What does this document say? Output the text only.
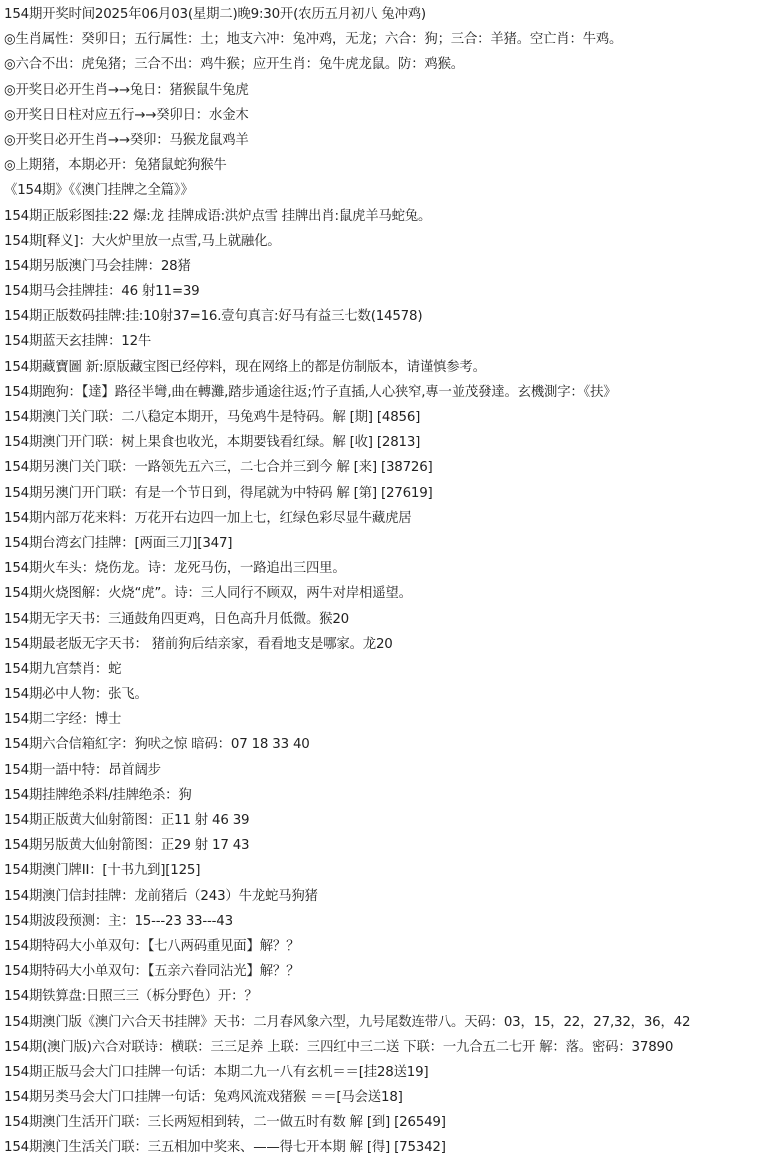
154期开奖时间2025年06月03(星期二)晚9:30开(农历五月初八 兔冲鸡)
◎生肖属性：癸卯日；五行属性：土；地支六冲：兔冲鸡，无龙；六合：狗；三合：羊猪。空亡肖：牛鸡。
◎六合不出：虎兔猪；三合不出：鸡牛猴；应开生肖：兔牛虎龙鼠。防：鸡猴。
◎开奖日必开生肖→→兔日：猪猴鼠牛兔虎
◎开奖日日柱对应五行→→癸卯日：水金木
◎开奖日必开生肖→→癸卯：马猴龙鼠鸡羊
◎上期猪，本期必开：兔猪鼠蛇狗猴牛
《154期》《《澳门挂牌之全篇》》
154期正版彩图挂:22 爆:龙 挂牌成语:洪炉点雪 挂牌出肖:鼠虎羊马蛇兔。
154期[释义]：大火炉里放一点雪,马上就融化。
154期另版澳门马会挂牌：28猪
154期马会挂牌挂：46 射11=39
154期正版数码挂牌:挂:10射37=16.壹句真言:好马有益三七数(14578)
154期蓝天玄挂牌：12牛
154期藏寶圖 新:原版藏宝图已经停料，现在网络上的都是仿制版本，请谨慎参考。
154期跑狗：【達】路径半彎,曲在轉灘,踏步通途往返;竹子直插,人心狭窄,專一並茂發達。玄機測字：《扶》
154期澳门关门联：二八稳定本期开，马兔鸡牛是特码。解 [期] [4856]
154期澳门开门联：树上果食也收光，本期要钱看红绿。解 [收] [2813]
154期另澳门关门联：一路领先五六三，二七合并三到今 解 [来] [38726]
154期另澳门开门联：有是一个节日到，得尾就为中特码 解 [第] [27619]
154期内部万花来料：万花开右边四一加上七，红绿色彩尽显牛藏虎居
154期台湾玄门挂牌：[两面三刀][347]
154期火车头：烧伤龙。诗：龙死马伤，一路追出三四里。
154期火烧图解：火烧“虎”。诗：三人同行不顾双，两牛对岸相遥望。
154期无字天书：三通鼓角四更鸡，日色高升月低微。猴20
154期最老版无字天书： 猪前狗后结亲家，看看地支是哪家。龙20
154期九宫禁肖：蛇
154期必中人物：张飞。
154期二字经：博士
154期六合信箱紅字：狗吠之惊 暗码：07 18 33 40
154期一語中特：昂首阔步
154期挂牌绝杀料/挂牌绝杀：狗
154期正版黄大仙射箭图：正11 射 46 39
154期另版黄大仙射箭图：正29 射 17 43
154期澳门牌II：[十书九到][125]
154期澳门信封挂牌：龙前猪后（243）牛龙蛇马狗猪
154期波段预测：主：15---23 33---43
154期特码大小单双句：【七八两码重见面】解？？
154期特码大小单双句：【五亲六眷同沾光】解？？
154期铁算盘:日照三三（柝分野色）开：？
154期澳门版《澳门六合天书挂牌》天书：二月春风象六型，九号尾数连带八。天码：03，15，22，27,32，36，42
154期(澳门版)六合对联诗：横联：三三足养 上联：三四红中三二送 下联：一九合五二七开 解：落。密码：37890
154期正版马会大门口挂牌一句话：本期二九一八有玄机＝＝[挂28送19]
154期另类马会大门口挂牌一句话：兔鸡风流戏猪猴 ＝＝[马会送18]
154期澳门生活开门联：三长两短相到转，二一做五时有数 解 [到] [26549]
154期澳门生活关门联：三五相加中奖来、——得七开本期 解 [得] [75342]
